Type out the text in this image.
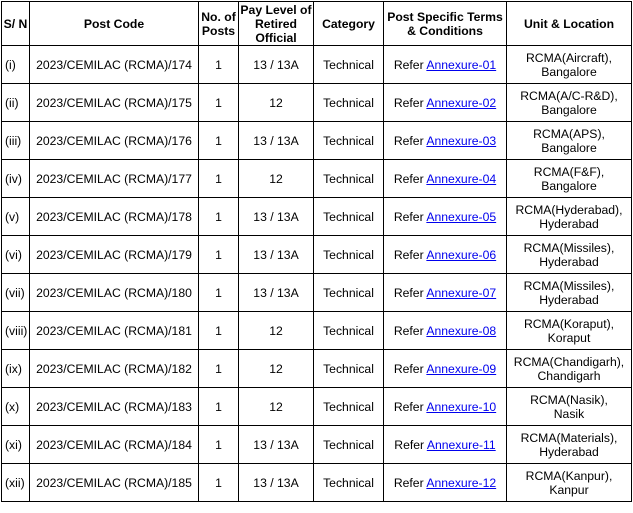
S/ N	Post Code	No. of Posts	Pay Level of Retired Official	Category	Post Specific Terms & Conditions	Unit & Location
(i)	2023/CEMILAC (RCMA)/174	1	13 / 13A	Technical	Refer Annexure-01	RCMA(Aircraft),
Bangalore

(ii)	2023/CEMILAC (RCMA)/175	1	12	Technical	Refer Annexure-02	RCMA(A/C-R&D),
Bangalore

(iii)	2023/CEMILAC (RCMA)/176	1	13 / 13A	Technical	Refer Annexure-03	RCMA(APS),
Bangalore

(iv)	2023/CEMILAC (RCMA)/177	1	12	Technical	Refer Annexure-04	RCMA(F&F),
Bangalore

(v)	2023/CEMILAC (RCMA)/178	1	13 / 13A	Technical	Refer Annexure-05	RCMA(Hyderabad),
Hyderabad

(vi)	2023/CEMILAC (RCMA)/179	1	13 / 13A	Technical	Refer Annexure-06	RCMA(Missiles),
Hyderabad

(vii)	2023/CEMILAC (RCMA)/180	1	13 / 13A	Technical	Refer Annexure-07	RCMA(Missiles),
Hyderabad

(viii)	2023/CEMILAC (RCMA)/181	1	12	Technical	Refer Annexure-08	RCMA(Koraput),
Koraput

(ix)	2023/CEMILAC (RCMA)/182	1	12	Technical	Refer Annexure-09	RCMA(Chandigarh),
Chandigarh

(x)	2023/CEMILAC (RCMA)/183	1	12	Technical	Refer Annexure-10	RCMA(Nasik),
Nasik

(xi)	2023/CEMILAC (RCMA)/184	1	13 / 13A	Technical	Refer Annexure-11	RCMA(Materials),
Hyderabad

(xii)	2023/CEMILAC (RCMA)/185	1	13 / 13A	Technical	Refer Annexure-12	RCMA(Kanpur),
Kanpur
